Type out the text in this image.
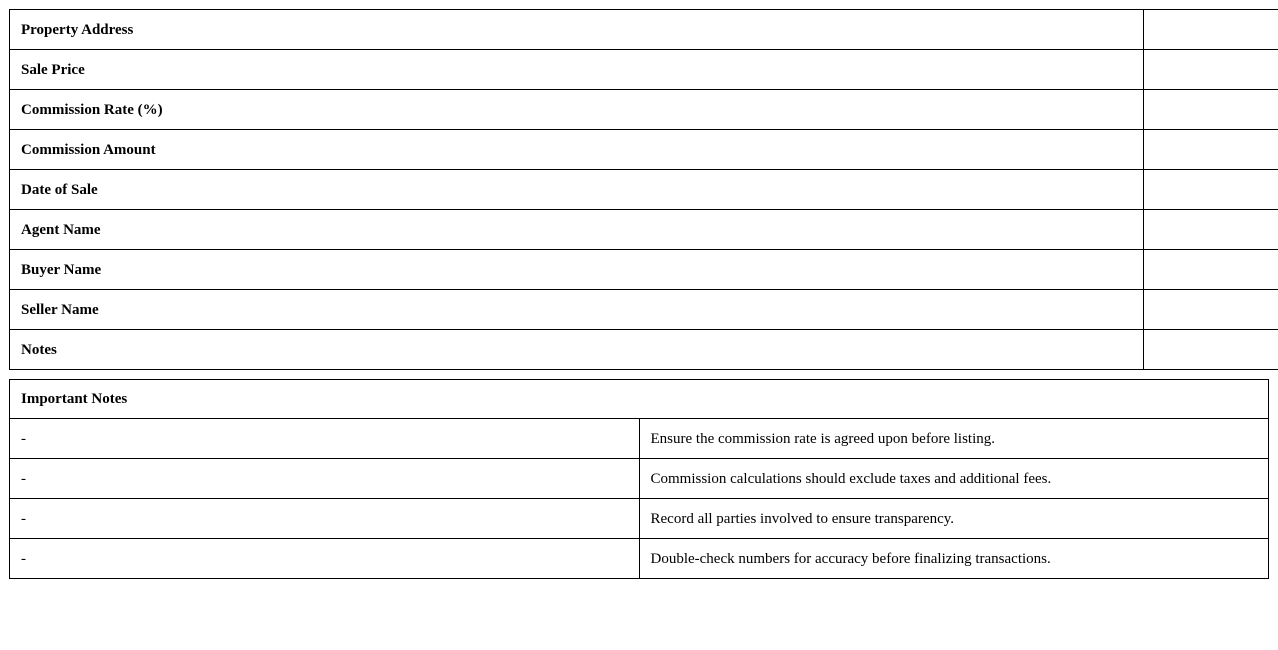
Property Address	
Sale Price	
Commission Rate (%)	
Commission Amount	
Date of Sale	
Agent Name	
Buyer Name	
Seller Name	
Notes	
Important Notes	
-	Ensure the commission rate is agreed upon before listing.
-	Commission calculations should exclude taxes and additional fees.
-	Record all parties involved to ensure transparency.
-	Double-check numbers for accuracy before finalizing transactions.
